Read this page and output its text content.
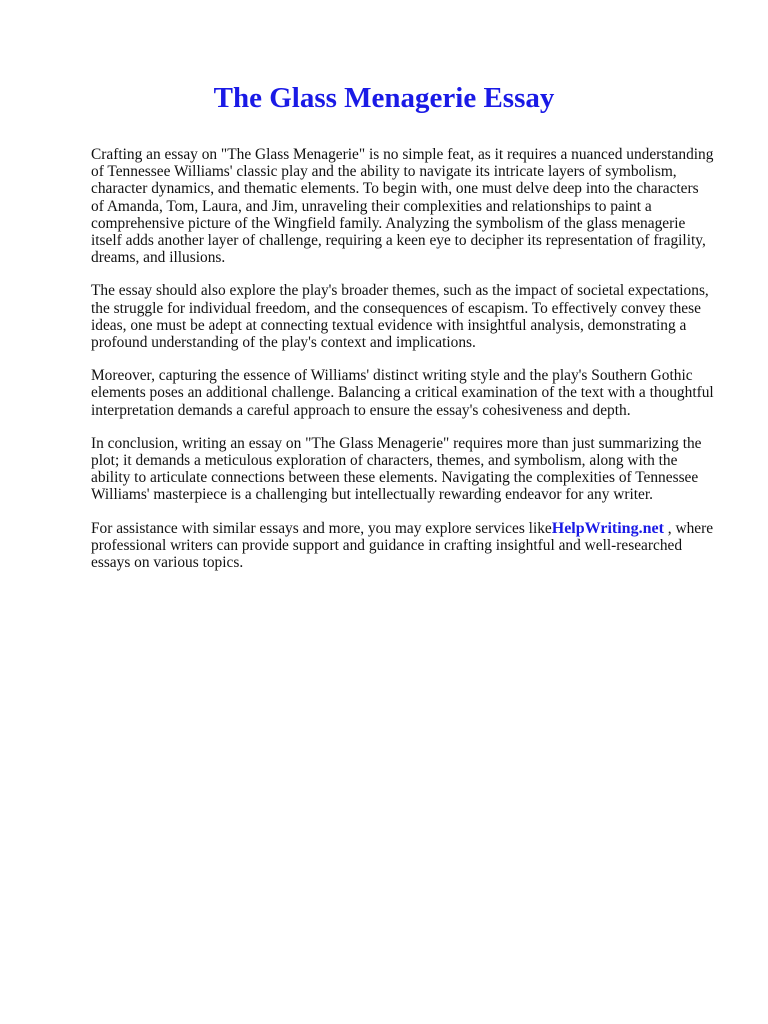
The Glass Menagerie Essay

Crafting an essay on "The Glass Menagerie" is no simple feat, as it requires a nuanced understanding
of Tennessee Williams' classic play and the ability to navigate its intricate layers of symbolism,
character dynamics, and thematic elements. To begin with, one must delve deep into the characters
of Amanda, Tom, Laura, and Jim, unraveling their complexities and relationships to paint a
comprehensive picture of the Wingfield family. Analyzing the symbolism of the glass menagerie
itself adds another layer of challenge, requiring a keen eye to decipher its representation of fragility,
dreams, and illusions.

The essay should also explore the play's broader themes, such as the impact of societal expectations,
the struggle for individual freedom, and the consequences of escapism. To effectively convey these
ideas, one must be adept at connecting textual evidence with insightful analysis, demonstrating a
profound understanding of the play's context and implications.

Moreover, capturing the essence of Williams' distinct writing style and the play's Southern Gothic
elements poses an additional challenge. Balancing a critical examination of the text with a thoughtful
interpretation demands a careful approach to ensure the essay's cohesiveness and depth.

In conclusion, writing an essay on "The Glass Menagerie" requires more than just summarizing the
plot; it demands a meticulous exploration of characters, themes, and symbolism, along with the
ability to articulate connections between these elements. Navigating the complexities of Tennessee
Williams' masterpiece is a challenging but intellectually rewarding endeavor for any writer.

For assistance with similar essays and more, you may explore services likeHelpWriting.net , where
professional writers can provide support and guidance in crafting insightful and well-researched
essays on various topics.
